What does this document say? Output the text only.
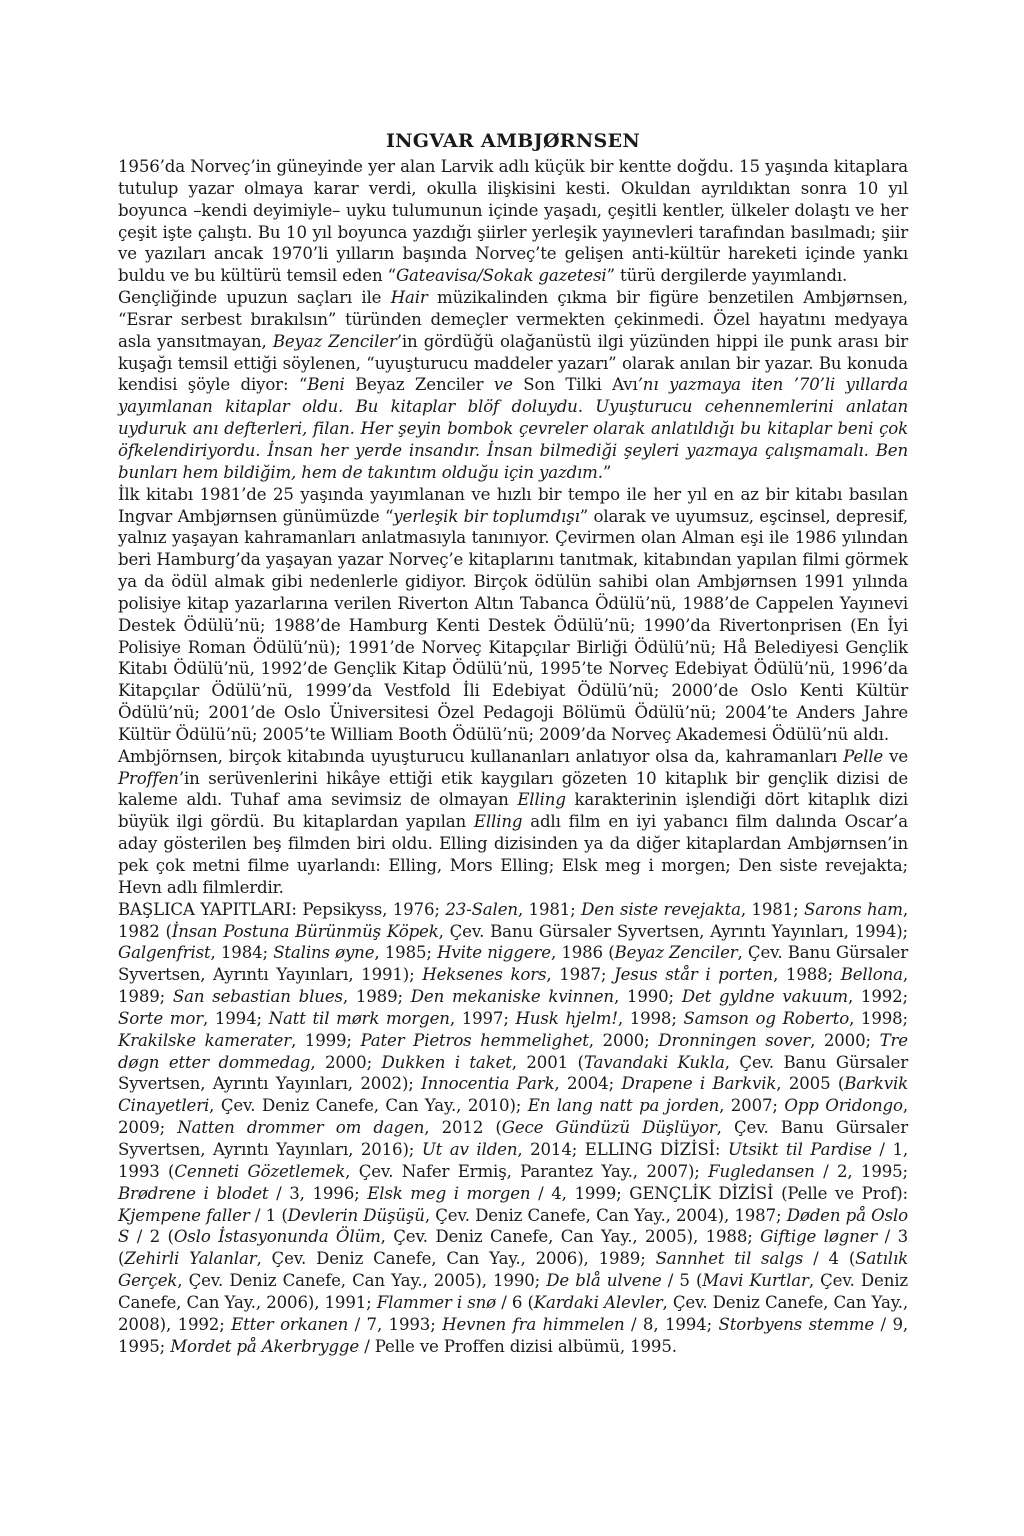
INGVAR AMBJØRNSEN

1956’da Norveç’in güneyinde yer alan Larvik adlı küçük bir kentte doğdu. 15 yaşında kitaplara tutulup yazar olmaya karar verdi, okulla ilişkisini kesti. Okuldan ayrıldıktan sonra 10 yıl boyunca –kendi deyimiyle– uyku tulumunun içinde yaşadı, çeşitli kentler, ülkeler dolaştı ve her çeşit işte çalıştı. Bu 10 yıl boyunca yazdığı şiirler yerleşik yayınevleri tarafından basılmadı; şiir ve yazıları ancak 1970’li yılların başında Norveç’te gelişen anti-kültür hareketi içinde yankı buldu ve bu kültürü temsil eden “Gateavisa/Sokak gazetesi” türü dergilerde yayımlandı.

Gençliğinde upuzun saçları ile Hair müzikalinden çıkma bir figüre benzetilen Ambjørnsen, “Esrar serbest bırakılsın” türünden demeçler vermekten çekinmedi. Özel hayatını medyaya asla yansıtmayan, Beyaz Zenciler’in gördüğü olağanüstü ilgi yüzünden hippi ile punk arası bir kuşağı temsil ettiği söylenen, “uyuşturucu maddeler yazarı” olarak anılan bir yazar. Bu konuda kendisi şöyle diyor: “Beni Beyaz Zenciler ve Son Tilki Avı’nı yazmaya iten ’70’li yıllarda yayımlanan kitaplar oldu. Bu kitaplar blöf doluydu. Uyuşturucu cehennemlerini anlatan uyduruk anı defterleri, filan. Her şeyin bombok çevreler olarak anlatıldığı bu kitaplar beni çok öfkelendiriyordu. İnsan her yerde insandır. İnsan bilmediği şeyleri yazmaya çalışmamalı. Ben bunları hem bildiğim, hem de takıntım olduğu için yazdım.”

İlk kitabı 1981’de 25 yaşında yayımlanan ve hızlı bir tempo ile her yıl en az bir kitabı basılan Ingvar Ambjørnsen günümüzde “yerleşik bir toplumdışı” olarak ve uyumsuz, eşcinsel, depresif, yalnız yaşayan kahramanları anlatmasıyla tanınıyor. Çevirmen olan Alman eşi ile 1986 yılından beri Hamburg’da yaşayan yazar Norveç’e kitaplarını tanıtmak, kitabından yapılan filmi görmek ya da ödül almak gibi nedenlerle gidiyor. Birçok ödülün sahibi olan Ambjørnsen 1991 yılında polisiye kitap yazarlarına verilen Riverton Altın Tabanca Ödülü’nü, 1988’de Cappelen Yayınevi Destek Ödülü’nü; 1988’de Hamburg Kenti Destek Ödülü’nü; 1990’da Rivertonprisen (En İyi Polisiye Roman Ödülü’nü); 1991’de Norveç Kitapçılar Birliği Ödülü’nü; Hå Belediyesi Gençlik Kitabı Ödülü’nü, 1992’de Gençlik Kitap Ödülü’nü, 1995’te Norveç Edebiyat Ödülü’nü, 1996’da Kitapçılar Ödülü’nü, 1999’da Vestfold İli Edebiyat Ödülü’nü; 2000’de Oslo Kenti Kültür Ödülü’nü; 2001’de Oslo Üniversitesi Özel Pedagoji Bölümü Ödülü’nü; 2004’te Anders Jahre Kültür Ödülü’nü; 2005’te William Booth Ödülü’nü; 2009’da Norveç Akademesi Ödülü’nü aldı.

Ambjörnsen, birçok kitabında uyuşturucu kullananları anlatıyor olsa da, kahramanları Pelle ve Proffen’in serüvenlerini hikâye ettiği etik kaygıları gözeten 10 kitaplık bir gençlik dizisi de kaleme aldı. Tuhaf ama sevimsiz de olmayan Elling karakterinin işlendiği dört kitaplık dizi büyük ilgi gördü. Bu kitaplardan yapılan Elling adlı film en iyi yabancı film dalında Oscar’a aday gösterilen beş filmden biri oldu. Elling dizisinden ya da diğer kitaplardan Ambjørnsen’in pek çok metni filme uyarlandı: Elling, Mors Elling; Elsk meg i morgen; Den siste revejakta; Hevn adlı filmlerdir.

BAŞLICA YAPITLARI: Pepsikyss, 1976; 23-Salen, 1981; Den siste revejakta, 1981; Sarons ham, 1982 (İnsan Postuna Bürünmüş Köpek, Çev. Banu Gürsaler Syvertsen, Ayrıntı Yayınları, 1994); Galgenfrist, 1984; Stalins øyne, 1985; Hvite niggere, 1986 (Beyaz Zenciler, Çev. Banu Gürsaler Syvertsen, Ayrıntı Yayınları, 1991); Heksenes kors, 1987; Jesus står i porten, 1988; Bellona, 1989; San sebastian blues, 1989; Den mekaniske kvinnen, 1990; Det gyldne vakuum, 1992; Sorte mor, 1994; Natt til mørk morgen, 1997; Husk hjelm!, 1998; Samson og Roberto, 1998; Krakilske kamerater, 1999; Pater Pietros hemmelighet, 2000; Dronningen sover, 2000; Tre døgn etter dommedag, 2000; Dukken i taket, 2001 (Tavandaki Kukla, Çev. Banu Gürsaler Syvertsen, Ayrıntı Yayınları, 2002); Innocentia Park, 2004; Drapene i Barkvik, 2005 (Barkvik Cinayetleri, Çev. Deniz Canefe, Can Yay., 2010); En lang natt pa jorden, 2007; Opp Oridongo, 2009; Natten drommer om dagen, 2012 (Gece Gündüzü Düşlüyor, Çev. Banu Gürsaler Syvertsen, Ayrıntı Yayınları, 2016); Ut av ilden, 2014; ELLING DİZİSİ: Utsikt til Pardise / 1, 1993 (Cenneti Gözetlemek, Çev. Nafer Ermiş, Parantez Yay., 2007); Fugledansen / 2, 1995; Brødrene i blodet / 3, 1996; Elsk meg i morgen / 4, 1999; GENÇLİK DİZİSİ (Pelle ve Prof): Kjempene faller / 1 (Devlerin Düşüşü, Çev. Deniz Canefe, Can Yay., 2004), 1987; Døden på Oslo S / 2 (Oslo İstasyonunda Ölüm, Çev. Deniz Canefe, Can Yay., 2005), 1988; Giftige løgner / 3 (Zehirli Yalanlar, Çev. Deniz Canefe, Can Yay., 2006), 1989; Sannhet til salgs / 4 (Satılık Gerçek, Çev. Deniz Canefe, Can Yay., 2005), 1990; De blå ulvene / 5 (Mavi Kurtlar, Çev. Deniz Canefe, Can Yay., 2006), 1991; Flammer i snø / 6 (Kardaki Alevler, Çev. Deniz Canefe, Can Yay., 2008), 1992; Etter orkanen / 7, 1993; Hevnen fra himmelen / 8, 1994; Storbyens stemme / 9, 1995; Mordet på Akerbrygge / Pelle ve Proffen dizisi albümü, 1995.
